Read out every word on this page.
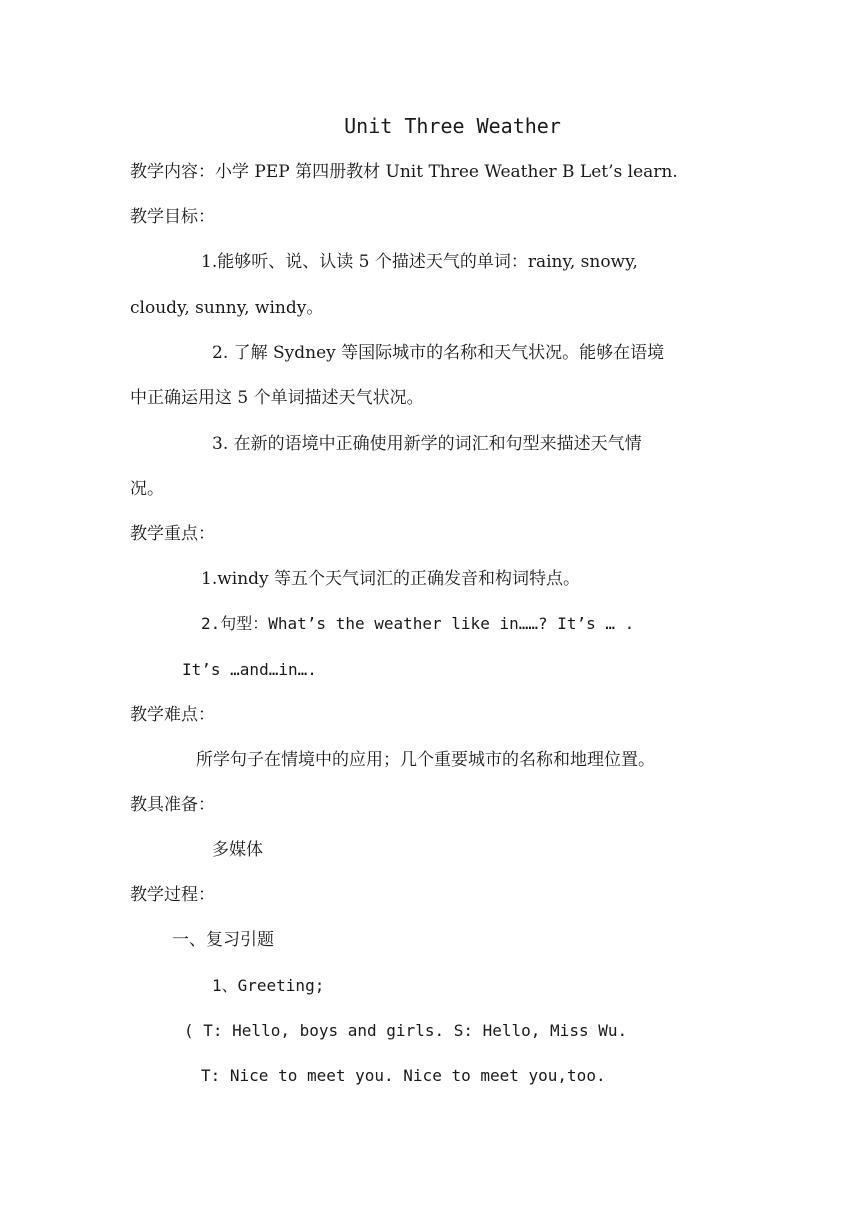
Unit Three Weather
教学内容：小学 PEP 第四册教材 Unit Three Weather B Let’s learn.
教学目标：
1.能够听、说、认读 5 个描述天气的单词：rainy, snowy,
cloudy, sunny, windy。
2. 了解 Sydney 等国际城市的名称和天气状况。能够在语境
中正确运用这 5 个单词描述天气状况。
3. 在新的语境中正确使用新学的词汇和句型来描述天气情
况。
教学重点：
1.windy 等五个天气词汇的正确发音和构词特点。
2.句型：What’s the weather like in……? It’s … .
It’s …and…in….
教学难点：
所学句子在情境中的应用；几个重要城市的名称和地理位置。
教具准备：
多媒体
教学过程：
一、复习引题
1、Greeting;
( T: Hello, boys and girls. S: Hello, Miss Wu.
T: Nice to meet you. Nice to meet you,too.
